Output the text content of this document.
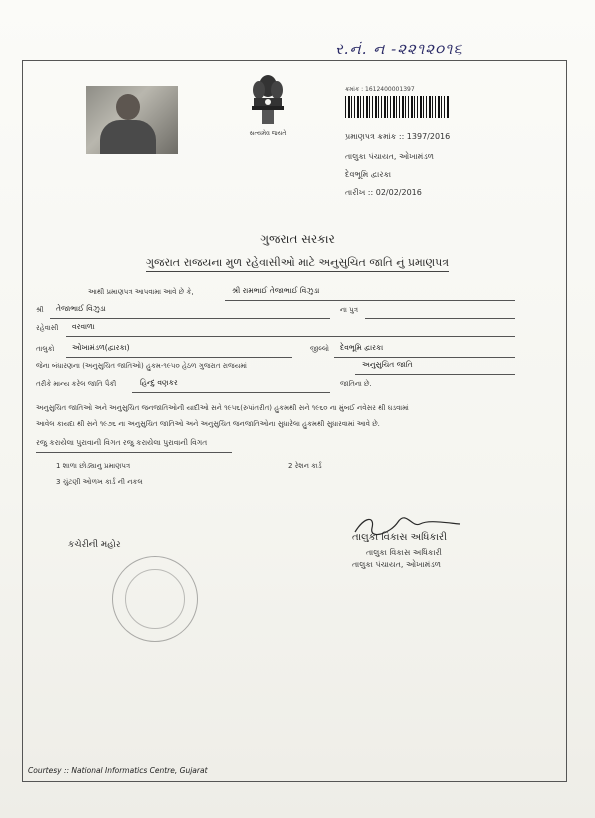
ર.નં. ન -૨૨૧૨૦૧૬
સત્યમેવ જયતે
ક્રમાંક : 1612400001397
પ્રમાણપત્ર ક્રમાંક :: 1397/2016
તાલુકા પંચાયત, ઓખામંડળ
દેવભૂમિ દ્વારકા
તારીખ :: 02/02/2016
ગુજરાત સરકાર
ગુજરાત રાજયના મુળ રહેવાસીઓ માટે અનુસુચિત જાતિ નું પ્રમાણપત્ર
આથી પ્રમાણપત્ર આપવામા આવે છે કે,	શ્રી રામભાઈ તેજાભાઈ વિંઝુડા
શ્રી તેજાભાઈ વિંઝુડા	ના પુત્ર
રહેવાસી વરવાળા
તાલુકો ઓખામંડળ(દ્વારકા)	જીલ્લો દેવભૂમિ દ્વારકા
જેના બંધારણના (અનુસુચિત જાતિઓ) હુકમ-૧૯૫૦ હેઠળ ગુજરાત રાજયમાં	અનુસુચિત જાતિ
તરીકે માન્ય કરેલ જાતિ પૈકી	હિન્દુ વણકર	જાતિના છે.
અનુસુચિત જાતિઓ અને અનુસુચિત જનજાતિઓની યાદીઓ સને ૧૯૫૬(રુપાંતરીત) હુકમથી સને ૧૯૬૦ ના મુંબઈ નવેસર થી ઘડવામાં
આવેલ કાયદા થી સને ૧૯૭૬ ના અનુસુચિત જાતિઓ અને અનુસુચિત જનજાતિઓના સુધારેલા હુકમથી સુધારવામાં આવે છે.
રજુ કરાયેલા પુરાવાની વિગત રજુ કરાયેલા પુરાવાની વિગત
1 શાળા છોડ્યાનુ પ્રમાણપત્ર	2 રેશન કાર્ડ
3 ચુંટણી ઓળખ કાર્ડ ની નકલ
કચેરીની મહોર
તાલુકા વિકાસ અધિકારી
તાલુકા વિકાસ અધિકારી
તાલુકા પંચાયત, ઓખામંડળ
Courtesy :: National Informatics Centre, Gujarat
